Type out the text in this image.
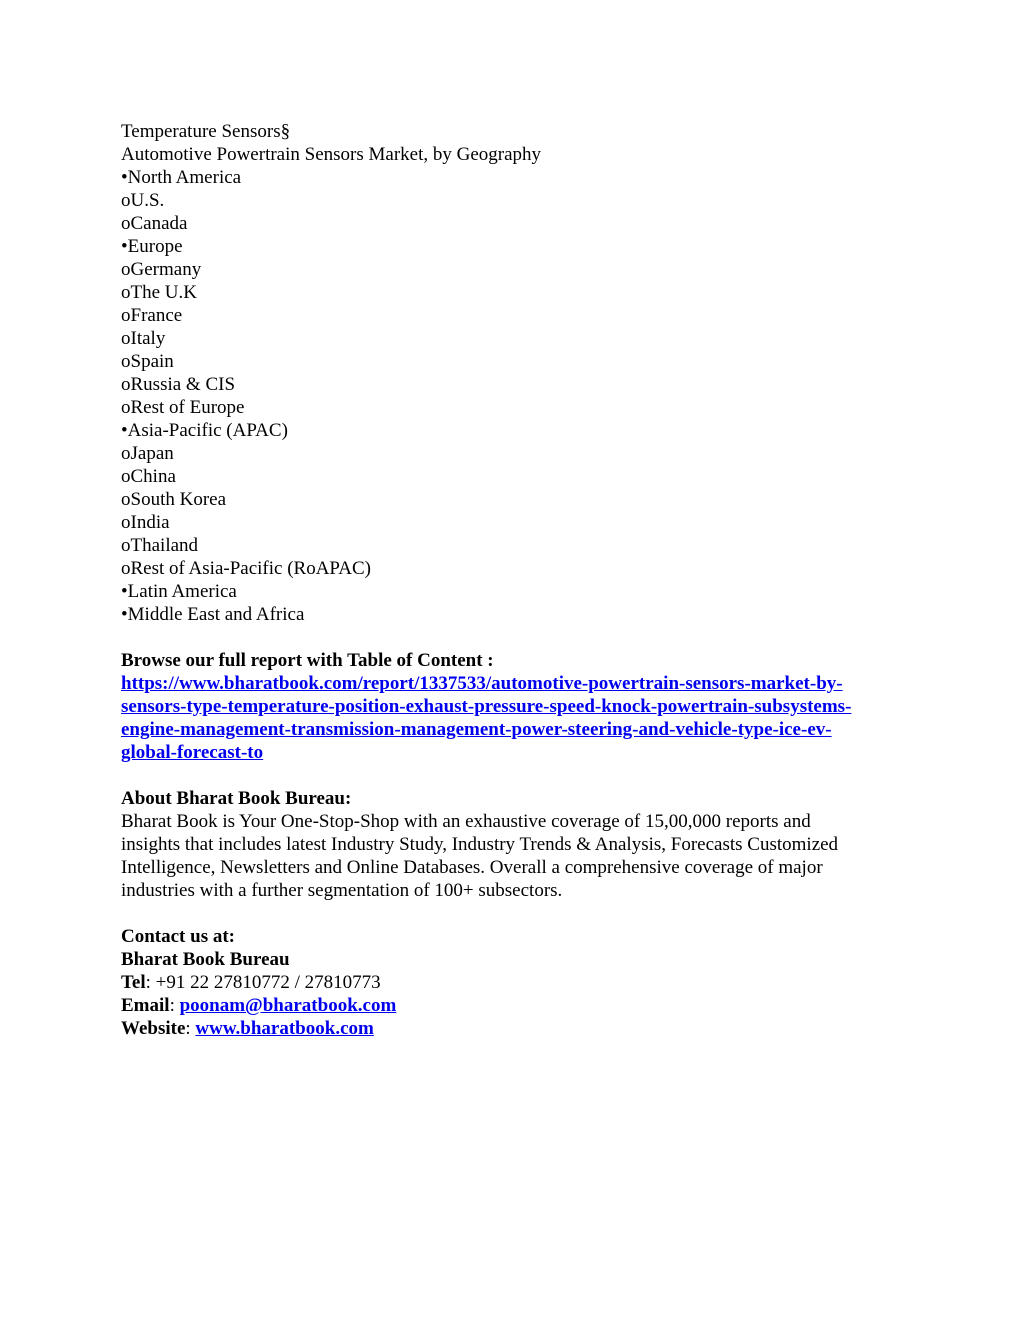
Temperature Sensors§
Automotive Powertrain Sensors Market, by Geography
•North America
oU.S.
oCanada
•Europe
oGermany
oThe U.K
oFrance
oItaly
oSpain
oRussia & CIS
oRest of Europe
•Asia-Pacific (APAC)
oJapan
oChina
oSouth Korea
oIndia
oThailand
oRest of Asia-Pacific (RoAPAC)
•Latin America
•Middle East and Africa
Browse our full report with Table of Content :
https://www.bharatbook.com/report/1337533/automotive-powertrain-sensors-market-by-
sensors-type-temperature-position-exhaust-pressure-speed-knock-powertrain-subsystems-
engine-management-transmission-management-power-steering-and-vehicle-type-ice-ev-
global-forecast-to
About Bharat Book Bureau:
Bharat Book is Your One-Stop-Shop with an exhaustive coverage of 15,00,000 reports and
insights that includes latest Industry Study, Industry Trends & Analysis, Forecasts Customized
Intelligence, Newsletters and Online Databases. Overall a comprehensive coverage of major
industries with a further segmentation of 100+ subsectors.
Contact us at:
Bharat Book Bureau
Tel: +91 22 27810772 / 27810773
Email: poonam@bharatbook.com
Website: www.bharatbook.com
